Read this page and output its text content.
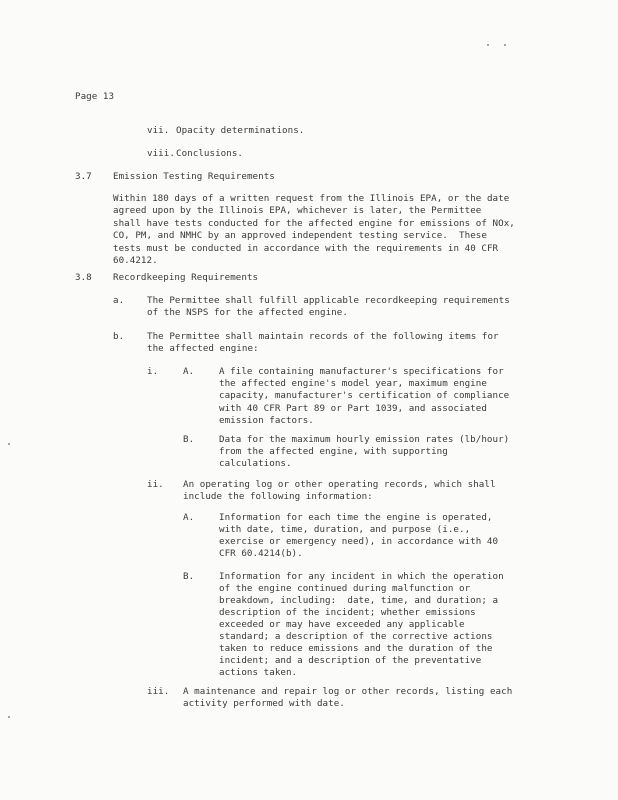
Page 13

vii. Opacity determinations.

viii. Conclusions.

3.7 Emission Testing Requirements

Within 180 days of a written request from the Illinois EPA, or the date

agreed upon by the Illinois EPA, whichever is later, the Permittee

shall have tests conducted for the affected engine for emissions of NOx,

CO, PM, and NMHC by an approved independent testing service.  These

tests must be conducted in accordance with the requirements in 40 CFR

60.4212.

3.8 Recordkeeping Requirements

a. The Permittee shall fulfill applicable recordkeeping requirements

of the NSPS for the affected engine.

b. The Permittee shall maintain records of the following items for

the affected engine:

i.	A.	A file containing manufacturer's specifications for

the affected engine's model year, maximum engine

capacity, manufacturer's certification of compliance

with 40 CFR Part 89 or Part 1039, and associated

emission factors.

B.	Data for the maximum hourly emission rates (lb/hour)

from the affected engine, with supporting

calculations.

ii. An operating log or other operating records, which shall

include the following information:

A.	Information for each time the engine is operated,

with date, time, duration, and purpose (i.e.,

exercise or emergency need), in accordance with 40

CFR 60.4214(b).

B.	Information for any incident in which the operation

of the engine continued during malfunction or

breakdown, including:  date, time, and duration; a

description of the incident; whether emissions

exceeded or may have exceeded any applicable

standard; a description of the corrective actions

taken to reduce emissions and the duration of the

incident; and a description of the preventative

actions taken.

iii. A maintenance and repair log or other records, listing each

activity performed with date.
